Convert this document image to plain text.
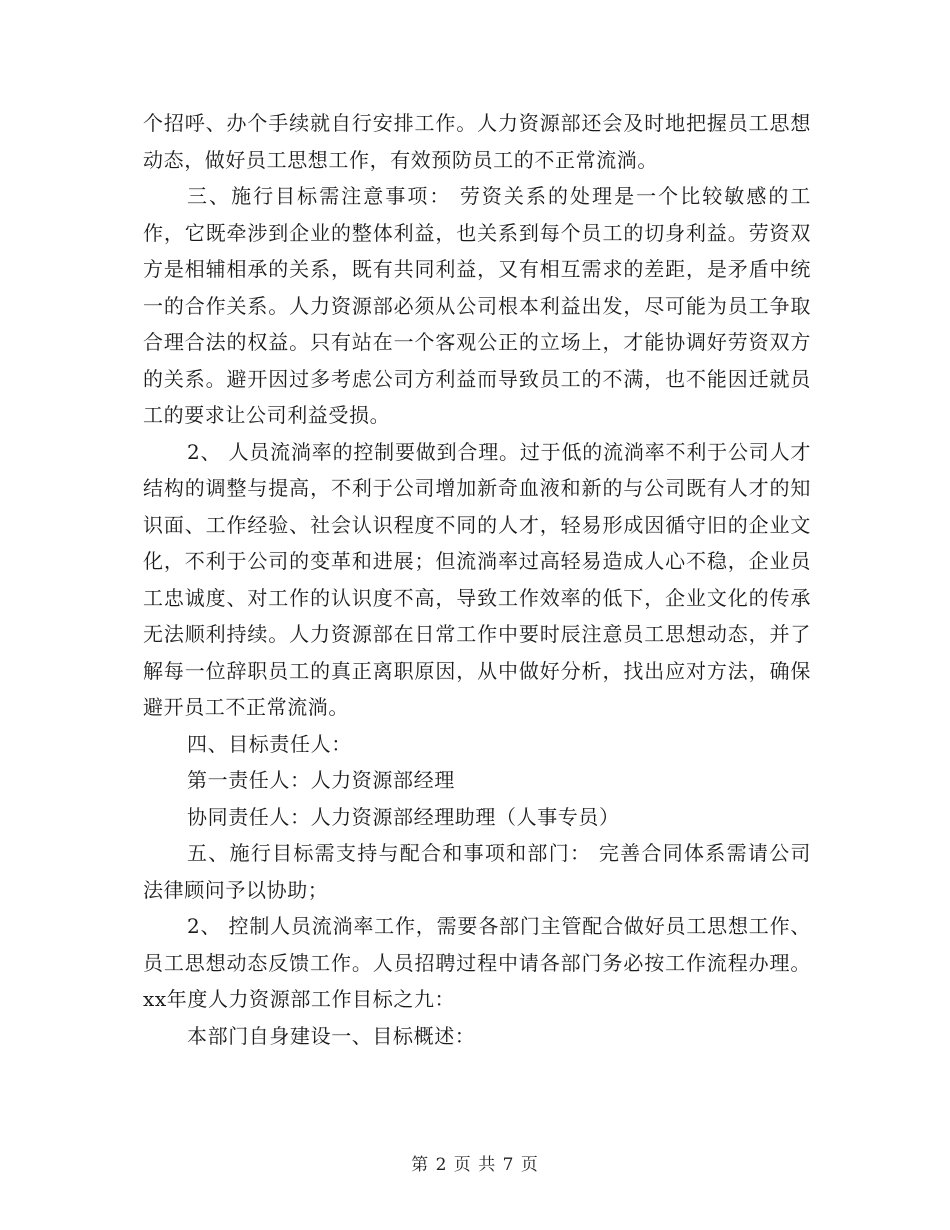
个招呼、办个手续就自行安排工作。人力资源部还会及时地把握员工思想动态，做好员工思想工作，有效预防员工的不正常流淌。

三、施行目标需注意事项： 劳资关系的处理是一个比较敏感的工作，它既牵涉到企业的整体利益，也关系到每个员工的切身利益。劳资双方是相辅相承的关系，既有共同利益，又有相互需求的差距，是矛盾中统一的合作关系。人力资源部必须从公司根本利益出发，尽可能为员工争取合理合法的权益。只有站在一个客观公正的立场上，才能协调好劳资双方的关系。避开因过多考虑公司方利益而导致员工的不满，也不能因迁就员工的要求让公司利益受损。

2、 人员流淌率的控制要做到合理。过于低的流淌率不利于公司人才结构的调整与提高，不利于公司增加新奇血液和新的与公司既有人才的知识面、工作经验、社会认识程度不同的人才，轻易形成因循守旧的企业文化，不利于公司的变革和进展；但流淌率过高轻易造成人心不稳，企业员工忠诚度、对工作的认识度不高，导致工作效率的低下，企业文化的传承无法顺利持续。人力资源部在日常工作中要时辰注意员工思想动态，并了解每一位辞职员工的真正离职原因，从中做好分析，找出应对方法，确保避开员工不正常流淌。

四、目标责任人：

第一责任人：人力资源部经理

协同责任人：人力资源部经理助理（人事专员）

五、施行目标需支持与配合和事项和部门： 完善合同体系需请公司法律顾问予以协助；

2、 控制人员流淌率工作，需要各部门主管配合做好员工思想工作、员工思想动态反馈工作。人员招聘过程中请各部门务必按工作流程办理。xx年度人力资源部工作目标之九：

本部门自身建设一、目标概述：

第 2 页 共 7 页
